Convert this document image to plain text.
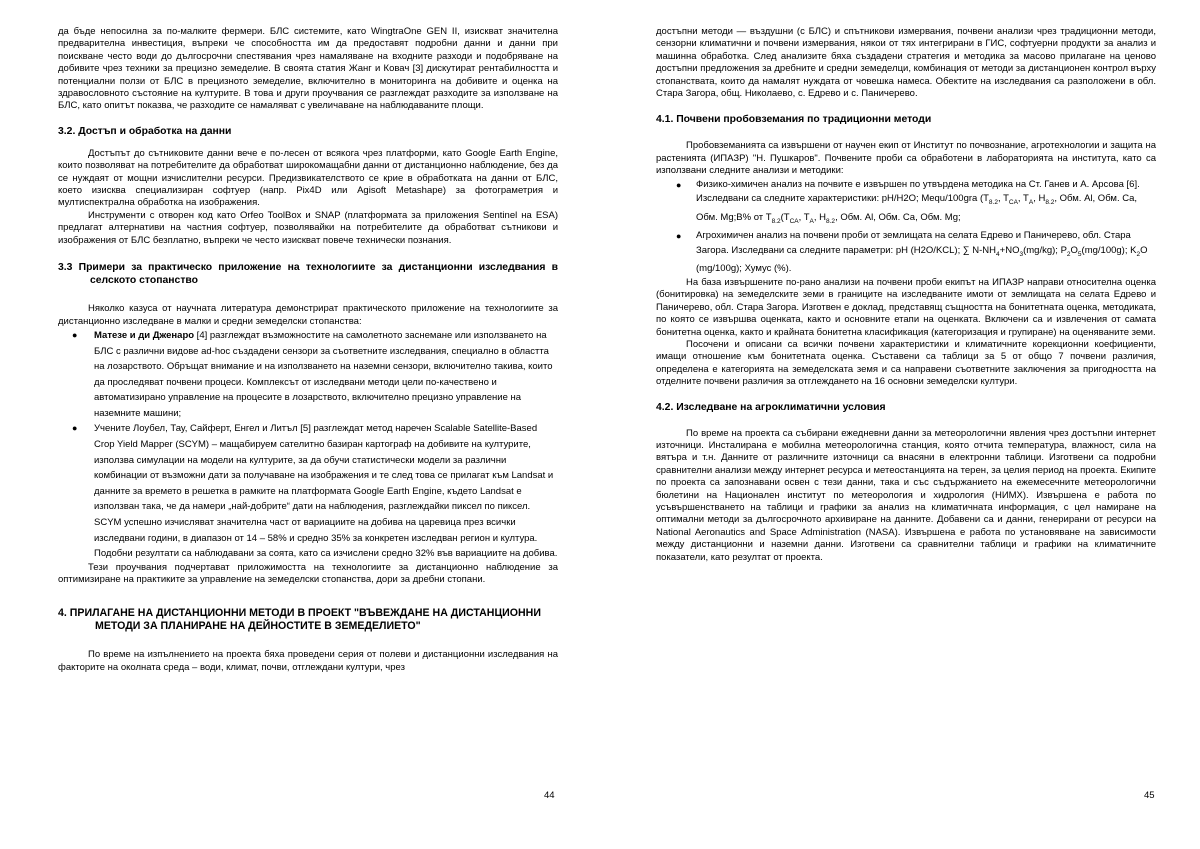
да бъде непосилна за по-малките фермери. БЛС системите, като WingtraOne GEN II, изискват значителна предварителна инвестиция, въпреки че способността им да предоставят подробни данни и данни при поискване често води до дългосрочни спестявания чрез намаляване на входните разходи и подобряване на добивите чрез техники за прецизно земеделие. В своята статия Жанг и Ковач [3] дискутират рентабилността и потенциални ползи от БЛС в прецизното земеделие, включително в мониторинга на добивите и оценка на здравословното състояние на културите. В това и други проучвания се разглеждат разходите за използване на БЛС, като опитът показва, че разходите се намаляват с увеличаване на наблюдаваните площи.

3.2. Достъп и обработка на данни

Достъпът до сътниковите данни вече е по-лесен от всякога чрез платформи, като Google Earth Engine, които позволяват на потребителите да обработват широкомащабни данни от дистанционно наблюдение, без да се нуждаят от мощни изчислителни ресурси. Предизвикателството се крие в обработката на данни от БЛС, което изисква специализиран софтуер (напр. Pix4D или Agisoft Metashape) за фотограметрия и мултиспектрална обработка на изображения.

Инструменти с отворен код като Orfeo ToolBox и SNAP (платформата за приложения Sentinel на ESA) предлагат алтернативи на частния софтуер, позволявайки на потребителите да обработват сътникови и изображения от БЛС безплатно, въпреки че често изискват повече технически познания.

3.3 Примери за практическо приложение на технологиите за дистанционни изследвания в селското стопанство

Няколко казуса от научната литература демонстрират практическото приложение на технологиите за дистанционно изследване в малки и средни земеделски стопанства:

● Матезе и ди Дженаро [4] разглеждат възможностите на самолетното заснемане или използването на БЛС с различни видове ad-hoc създадени сензори за съответните изследвания, специално в областта на лозарството. Обръщат внимание и на използването на наземни сензори, включително такива, които да проследяват почвени процеси. Комплексът от изследвани методи цели по-качествено и автоматизирано управление на процесите в лозарството, включително прецизно управление на наземните машини;
● Учените Лоубел, Тау, Сайферт, Енгел и Литъл [5] разглеждат метод наречен Scalable Satellite-Based Crop Yield Mapper (SCYM) – мащабируем сателитно базиран картограф на добивите на културите, използва симулации на модели на културите, за да обучи статистически модели за различни комбинации от възможни дати за получаване на изображения и те след това се прилагат към Landsat и данните за времето в решетка в рамките на платформата Google Earth Engine, където Landsat е използван така, че да намери „най-добрите“ дати на наблюдения, разглеждайки пиксел по пиксел. SCYM успешно изчисляват значителна част от вариациите на добива на царевица през всички изследвани години, в диапазон от 14 – 58% и средно 35% за конкретен изследван регион и култура. Подобни резултати са наблюдавани за соята, като са изчислени средно 32% във вариациите на добива.

Тези проучвания подчертават приложимостта на технологиите за дистанционно наблюдение за оптимизиране на практиките за управление на земеделски стопанства, дори за дребни стопани.

4. ПРИЛАГАНЕ НА ДИСТАНЦИОННИ МЕТОДИ В ПРОЕКТ "ВЪВЕЖДАНЕ НА ДИСТАНЦИОННИ МЕТОДИ ЗА ПЛАНИРАНЕ НА ДЕЙНОСТИТЕ В ЗЕМЕДЕЛИЕТО"

По време на изпълнението на проекта бяха проведени серия от полеви и дистанционни изследвания на факторите на околната среда – води, климат, почви, отглеждани култури, чрез

44

достъпни методи — въздушни (с БЛС) и спътникови измервания, почвени анализи чрез традиционни методи, сензорни климатични и почвени измервания, някои от тях интегрирани в ГИС, софтуерни продукти за анализ и машинна обработка. След анализите бяха създадени стратегия и методика за масово прилагане на ценово достъпни предложения за дребните и средни земеделци, комбинация от методи за дистанционен контрол върху стопанствата, които да намалят нуждата от човешка намеса. Обектите на изследвания са разположени в обл. Стара Загора, общ. Николаево, с. Едрево и с. Паничерево.

4.1. Почвени пробовземания по традиционни методи

Пробовземанията са извършени от научен екип от Институт по почвознание, агротехнологии и защита на растенията (ИПАЗР) "Н. Пушкаров". Почвените проби са обработени в лабораторията на института, като са използвани следните анализи и методики:

● Физико-химичен анализ на почвите е извършен по утвърдена методика на Ст. Ганев и А. Арсова [6]. Изследвани са следните характеристики: pH/H2O; Mequ/100gra ($T_{8.2}$, $T_{CA}$, $T_A$, $H_{8.2}$, Обм. Al, Обм. Ca, Обм. Mg;B% от $T_{8.2}(T_{CA}$, $T_A$, $H_{8.2}$, Обм. Al, Обм. Ca, Обм. Mg;
● Агрохимичен анализ на почвени проби от землищата на селата Едрево и Паничерево, обл. Стара Загора. Изследвани са следните параметри: pH (H2O/KCL); ∑ $N-NH_4+NO_3(mg/kg)$; $P_2O_5(mg/100g)$; $K_2O$ (mg/100g); Хумус (%).

На база извършените по-рано анализи на почвени проби екипът на ИПАЗР направи относителна оценка (бонитировка) на земеделските земи в границите на изследваните имоти от землищата на селата Едрево и Паничерево, обл. Стара Загора. Изготвен е доклад, представящ същността на бонитетната оценка, методиката, по която се извършва оценката, както и основните етапи на оценката. Включени са и извлечения от самата бонитетна оценка, както и крайната бонитетна класификация (категоризация и групиране) на оценяваните земи.

Посочени и описани са всички почвени характеристики и климатичните корекционни коефициенти, имащи отношение към бонитетната оценка. Съставени са таблици за 5 от общо 7 почвени различия, определена е категорията на земеделската земя и са направени съответните заключения за пригодността на отделните почвени различия за отглеждането на 16 основни земеделски култури.

4.2. Изследване на агроклиматични условия

По време на проекта са събирани ежедневни данни за метеорологични явления чрез достъпни интернет източници. Инсталирана е мобилна метеорологична станция, която отчита температура, влажност, сила на вятъра и т.н. Данните от различните източници са внасяни в електронни таблици. Изготвени са подробни сравнителни анализи между интернет ресурса и метеостанцията на терен, за целия период на проекта. Екипите по проекта са запознавани освен с тези данни, така и със съдържанието на ежемесечните метеорологични бюлетини на Национален институт по метеорология и хидрология (НИМХ). Извършена е работа по усъвършенстването на таблици и графики за анализ на климатичната информация, с цел намиране на оптимални методи за дългосрочното архивиране на данните. Добавени са и данни, генерирани от ресурси на National Aeronautics and Space Administration (NASA). Извършена е работа по установяване на зависимости между дистанционни и наземни данни. Изготвени са сравнителни таблици и графики на климатичните показатели, като резултат от проекта.

45
